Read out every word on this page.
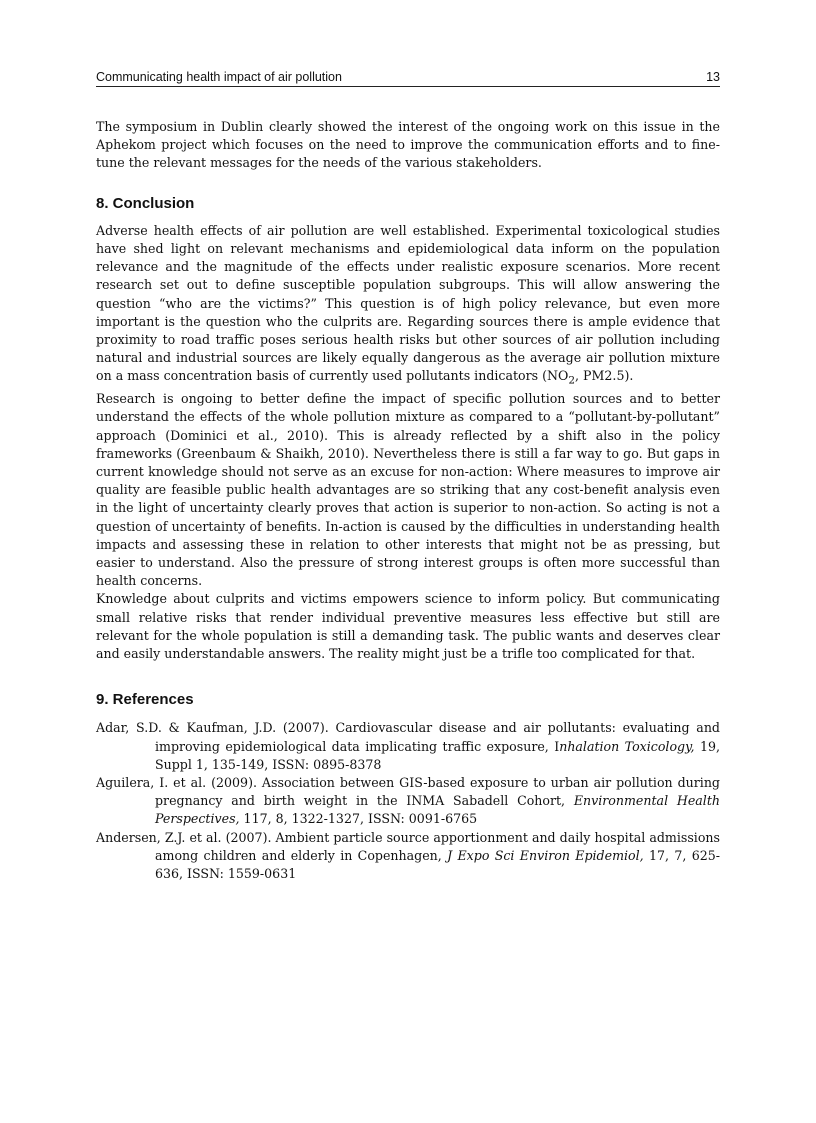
Communicating health impact of air pollution	13

The symposium in Dublin clearly showed the interest of the ongoing work on this issue in the Aphekom project which focuses on the need to improve the communication efforts and to fine-tune the relevant messages for the needs of the various stakeholders.

8. Conclusion

Adverse health effects of air pollution are well established. Experimental toxicological studies have shed light on relevant mechanisms and epidemiological data inform on the population relevance and the magnitude of the effects under realistic exposure scenarios. More recent research set out to define susceptible population subgroups. This will allow answering the question “who are the victims?” This question is of high policy relevance, but even more important is the question who the culprits are. Regarding sources there is ample evidence that proximity to road traffic poses serious health risks but other sources of air pollution including natural and industrial sources are likely equally dangerous as the average air pollution mixture on a mass concentration basis of currently used pollutants indicators ($NO_2$, PM2.5).

Research is ongoing to better define the impact of specific pollution sources and to better understand the effects of the whole pollution mixture as compared to a “pollutant-by-pollutant” approach (Dominici et al., 2010). This is already reflected by a shift also in the policy frameworks (Greenbaum & Shaikh, 2010). Nevertheless there is still a far way to go. But gaps in current knowledge should not serve as an excuse for non-action: Where measures to improve air quality are feasible public health advantages are so striking that any cost-benefit analysis even in the light of uncertainty clearly proves that action is superior to non-action. So acting is not a question of uncertainty of benefits. In-action is caused by the difficulties in understanding health impacts and assessing these in relation to other interests that might not be as pressing, but easier to understand. Also the pressure of strong interest groups is often more successful than health concerns.

Knowledge about culprits and victims empowers science to inform policy. But communicating small relative risks that render individual preventive measures less effective but still are relevant for the whole population is still a demanding task. The public wants and deserves clear and easily understandable answers. The reality might just be a trifle too complicated for that.

9. References

Adar, S.D. & Kaufman, J.D. (2007). Cardiovascular disease and air pollutants: evaluating and improving epidemiological data implicating traffic exposure, Inhalation Toxicology, 19, Suppl 1, 135-149, ISSN: 0895-8378

Aguilera, I. et al. (2009). Association between GIS-based exposure to urban air pollution during pregnancy and birth weight in the INMA Sabadell Cohort, Environmental Health Perspectives, 117, 8, 1322-1327, ISSN: 0091-6765

Andersen, Z.J. et al. (2007). Ambient particle source apportionment and daily hospital admissions among children and elderly in Copenhagen, J Expo Sci Environ Epidemiol, 17, 7, 625-636, ISSN: 1559-0631
